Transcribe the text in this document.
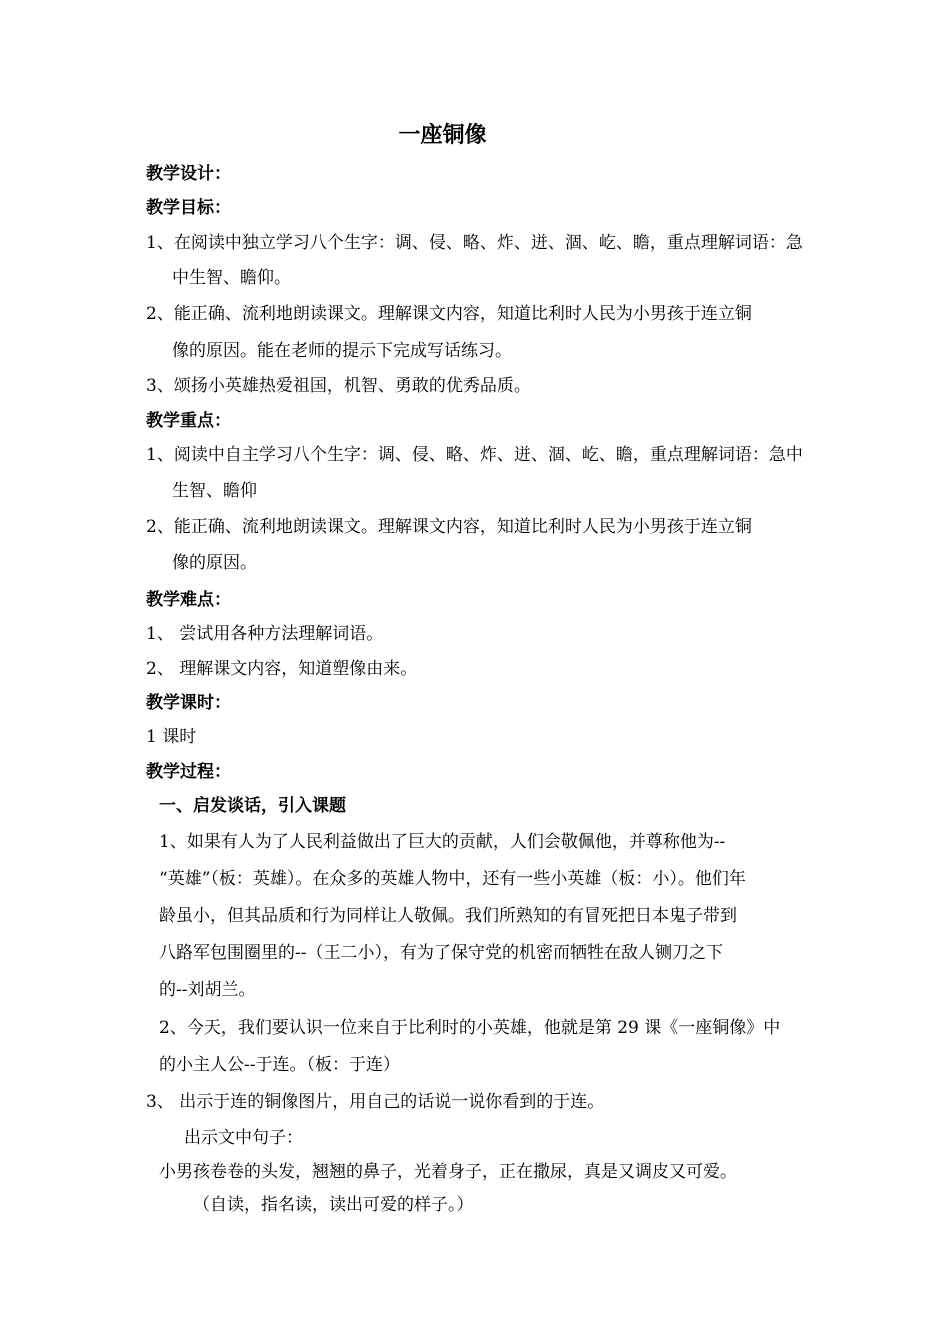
一座铜像
教学设计：
教学目标：
1、在阅读中独立学习八个生字：调、侵、略、炸、迸、涸、屹、瞻，重点理解词语：急
中生智、瞻仰。
2、能正确、流利地朗读课文。理解课文内容，知道比利时人民为小男孩于连立铜
像的原因。能在老师的提示下完成写话练习。
3、颂扬小英雄热爱祖国，机智、勇敢的优秀品质。
教学重点：
1、阅读中自主学习八个生字：调、侵、略、炸、迸、涸、屹、瞻，重点理解词语：急中
生智、瞻仰
2、能正确、流利地朗读课文。理解课文内容，知道比利时人民为小男孩于连立铜
像的原因。
教学难点：
1、 尝试用各种方法理解词语。
2、 理解课文内容，知道塑像由来。
教学课时：
1 课时
教学过程：
一、启发谈话，引入课题
1、如果有人为了人民利益做出了巨大的贡献，人们会敬佩他，并尊称他为--
“英雄”（板：英雄）。在众多的英雄人物中，还有一些小英雄（板：小）。他们年
龄虽小，但其品质和行为同样让人敬佩。我们所熟知的有冒死把日本鬼子带到
八路军包围圈里的--（王二小），有为了保守党的机密而牺牲在敌人铡刀之下
的--刘胡兰。
2、今天，我们要认识一位来自于比利时的小英雄，他就是第 29 课《一座铜像》中
的小主人公--于连。（板：于连）
3、 出示于连的铜像图片，用自己的话说一说你看到的于连。
出示文中句子：
小男孩卷卷的头发，翘翘的鼻子，光着身子，正在撒尿，真是又调皮又可爱。
（自读，指名读，读出可爱的样子。）
